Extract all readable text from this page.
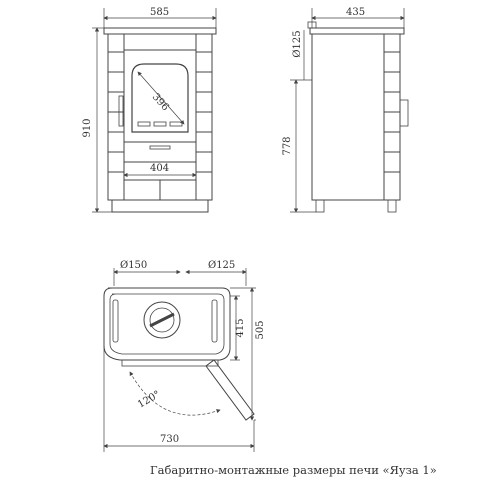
585
910
396
404
435
Ø125
778
Ø150	Ø125
415 505
730
120°
Габаритно-монтажные размеры печи «Яуза 1»
